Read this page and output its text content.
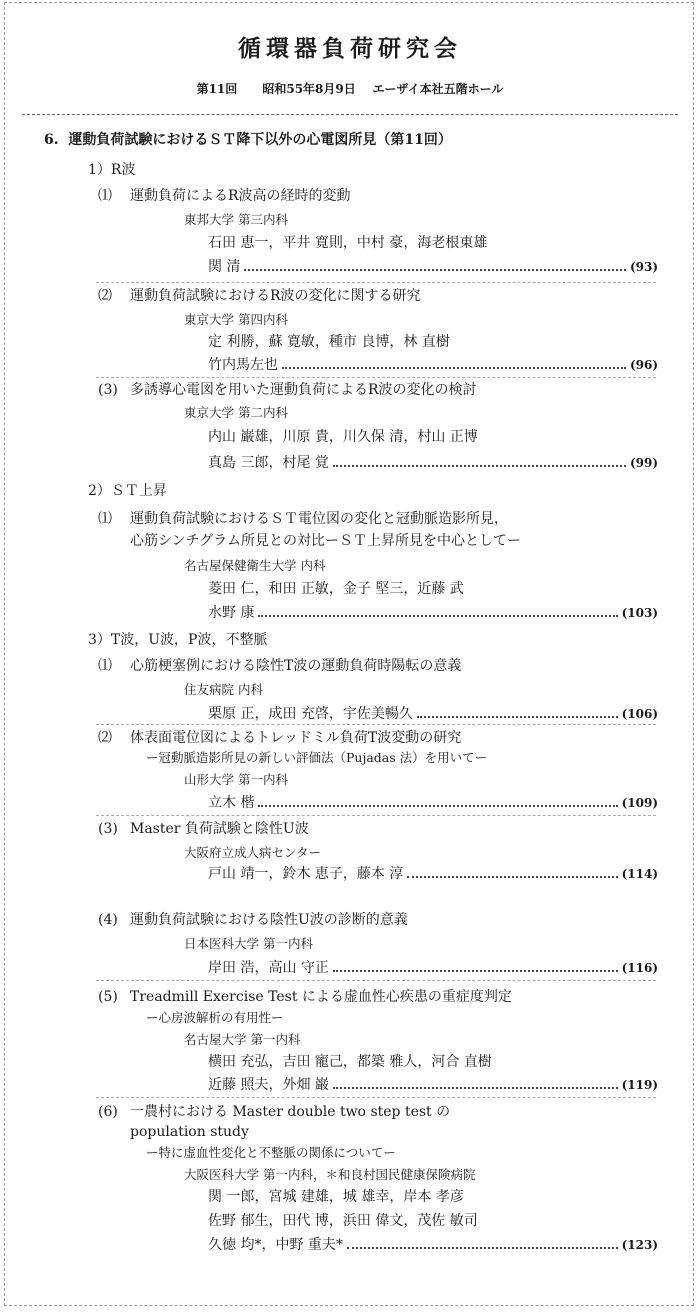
循環器負荷研究会
第11回 昭和55年8月9日 エーザイ本社五階ホール
6. 運動負荷試験におけるＳＴ降下以外の心電図所見（第11回）
1）R波
⑴ 運動負荷によるR波高の経時的変動
東邦大学 第三内科
石田 恵一，平井 寛則，中村 豪，海老根東雄
関 清	(93)
⑵ 運動負荷試験におけるR波の変化に関する研究
東京大学 第四内科
定 利勝，蘇 寛敏，種市 良博，林 直樹
竹内馬左也	(96)
(3) 多誘導心電図を用いた運動負荷によるR波の変化の検討
東京大学 第二内科
内山 巌雄，川原 貴，川久保 清，村山 正博
真島 三郎，村尾 覚	(99)
2）ＳＴ上昇
⑴ 運動負荷試験におけるＳＴ電位図の変化と冠動脈造影所見，
心筋シンチグラム所見との対比ーＳＴ上昇所見を中心としてー
名古屋保健衛生大学 内科
菱田 仁，和田 正敏，金子 堅三，近藤 武
水野 康	(103)
3）T波，U波，P波，不整脈
⑴ 心筋梗塞例における陰性T波の運動負荷時陽転の意義
住友病院 内科
栗原 正，成田 充啓，宇佐美暢久	(106)
⑵ 体表面電位図によるトレッドミル負荷T波変動の研究
ー冠動脈造影所見の新しい評価法（Pujadas 法）を用いてー
山形大学 第一内科
立木 楷	(109)
(3) Master 負荷試験と陰性U波
大阪府立成人病センター
戸山 靖一，鈴木 恵子，藤本 淳	(114)
(4) 運動負荷試験における陰性U波の診断的意義
日本医科大学 第一内科
岸田 浩，高山 守正	(116)
(5) Treadmill Exercise Test による虚血性心疾患の重症度判定
ー心房波解析の有用性ー
名古屋大学 第一内科
横田 充弘，吉田 寵己，都築 雅人，河合 直樹
近藤 照夫，外畑 巌	(119)
(6) 一農村における Master double two step test の
population study
ー特に虚血性変化と不整脈の関係についてー
大阪医科大学 第一内科，＊和良村国民健康保険病院
関 一郎，宮城 建雄，城 雄幸，岸本 孝彦
佐野 郁生，田代 博，浜田 偉文，茂佐 敏司
久徳 均*，中野 重夫*	(123)
